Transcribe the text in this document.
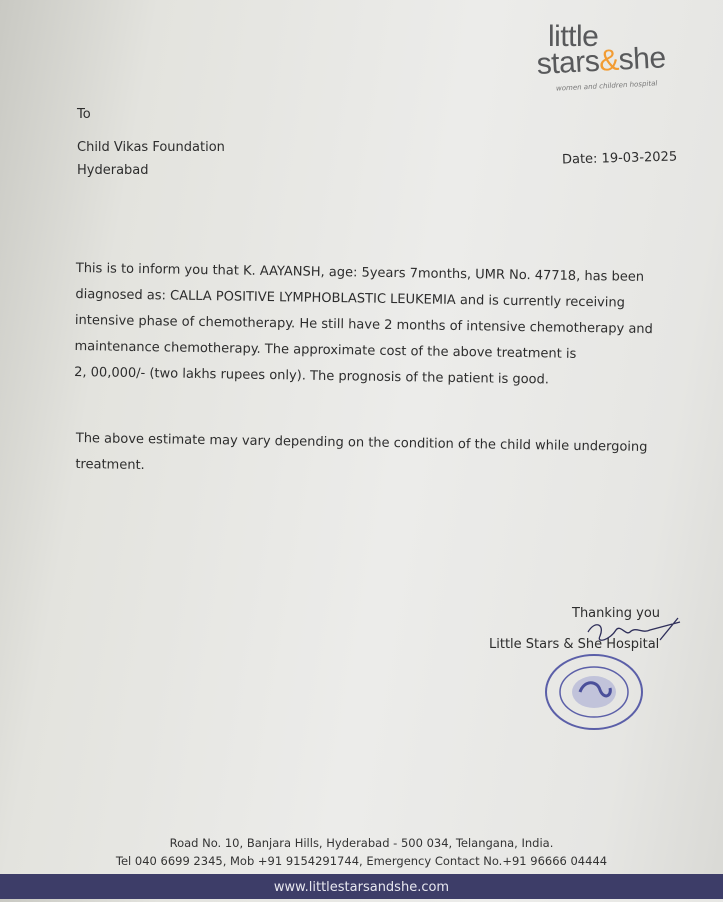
little
stars&she
women and children hospital
To
Child Vikas Foundation
Hyderabad
Date: 19-03-2025
This is to inform you that K. AAYANSH, age: 5years 7months, UMR No. 47718, has been
diagnosed as: CALLA POSITIVE LYMPHOBLASTIC LEUKEMIA and is currently receiving
intensive phase of chemotherapy. He still have 2 months of intensive chemotherapy and
maintenance chemotherapy. The approximate cost of the above treatment is
2, 00,000/- (two lakhs rupees only). The prognosis of the patient is good.
The above estimate may vary depending on the condition of the child while undergoing
treatment.
Thanking you
Little Stars & She Hospital
Road No. 10, Banjara Hills, Hyderabad - 500 034, Telangana, India.
Tel 040 6699 2345, Mob +91 9154291744, Emergency Contact No.+91 96666 04444
www.littlestarsandshe.com
